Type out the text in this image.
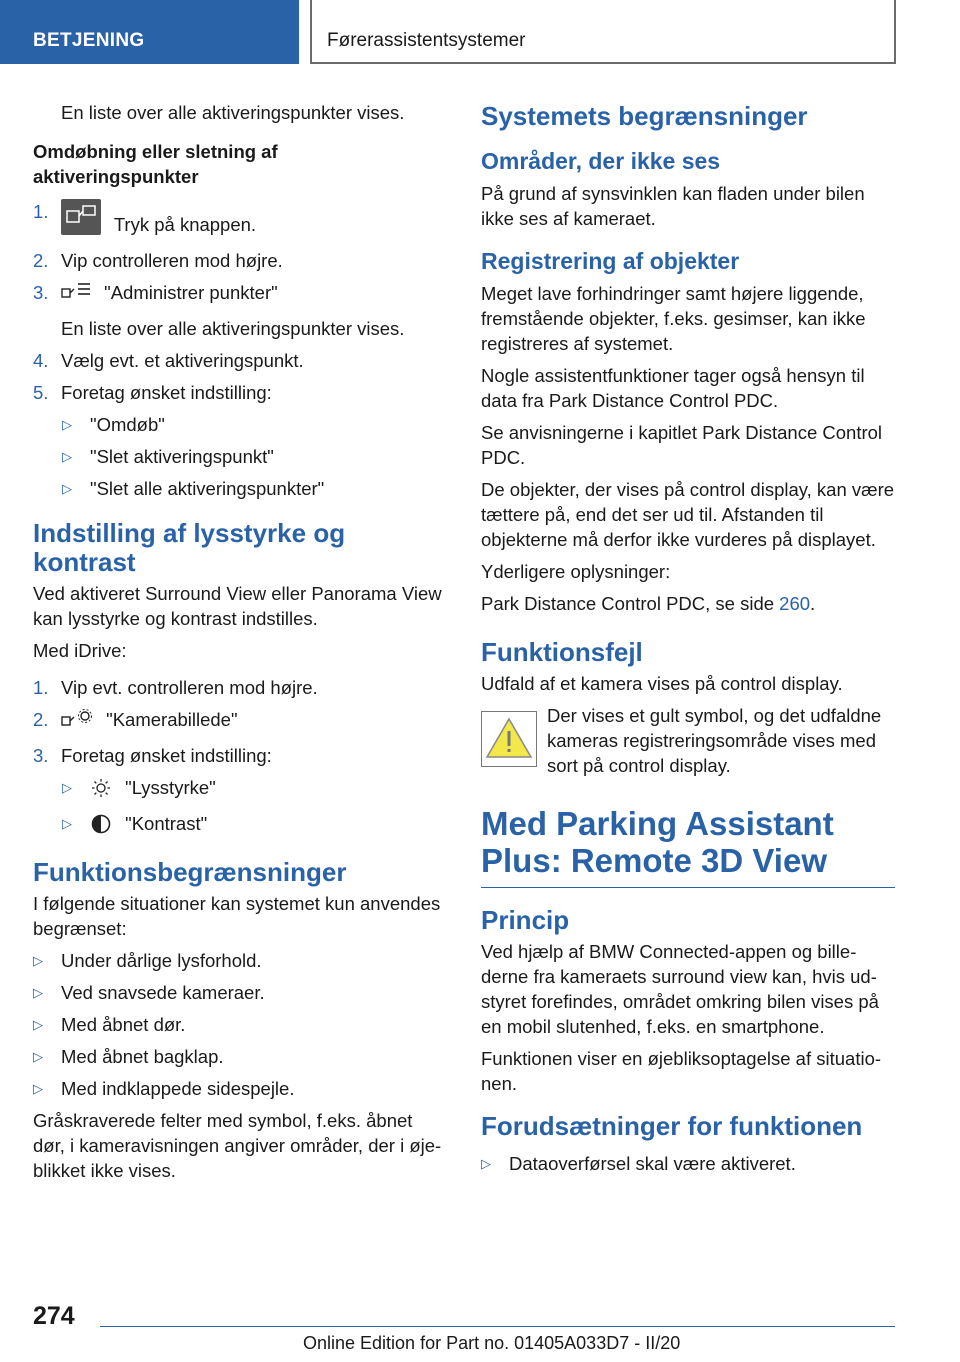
BETJENING	Førerassistentsystemer
En liste over alle aktiveringspunkter vises.
Omdøbning eller sletning af aktiveringspunkter
1.
Tryk på knappen.
2. Vip controlleren mod højre.
3.	"Administrer punkter"
En liste over alle aktiveringspunkter vises.
4. Vælg evt. et aktiveringspunkt.
5. Foretag ønsket indstilling:
▷ "Omdøb"
▷ "Slet aktiveringspunkt"
▷ "Slet alle aktiveringspunkter"
Indstilling af lysstyrke og kontrast
Ved aktiveret Surround View eller Panorama View kan lysstyrke og kontrast indstilles.
Med iDrive:
1. Vip evt. controlleren mod højre.
2.	"Kamerabillede"
3. Foretag ønsket indstilling:
▷	"Lysstyrke"
▷	"Kontrast"
Funktionsbegrænsninger
I følgende situationer kan systemet kun anvendes begrænset:
▷ Under dårlige lysforhold.
▷ Ved snavsede kameraer.
▷ Med åbnet dør.
▷ Med åbnet bagklap.
▷ Med indklappede sidespejle.
Gråskraverede felter med symbol, f.eks. åbnet dør, i kameravisningen angiver områder, der i øjeblikket ikke vises.
Systemets begrænsninger
Områder, der ikke ses
På grund af synsvinklen kan fladen under bilen ikke ses af kameraet.
Registrering af objekter
Meget lave forhindringer samt højere liggende, fremstående objekter, f.eks. gesimser, kan ikke registreres af systemet.
Nogle assistentfunktioner tager også hensyn til data fra Park Distance Control PDC.
Se anvisningerne i kapitlet Park Distance Control PDC.
De objekter, der vises på control display, kan være tættere på, end det ser ud til. Afstanden til objekterne må derfor ikke vurderes på displayet.
Yderligere oplysninger:
Park Distance Control PDC, se side 260.
Funktionsfejl
Udfald af et kamera vises på control display.
Der vises et gult symbol, og det udfaldne kameras registreringsområde vises med sort på control display.
Med Parking Assistant Plus: Remote 3D View
Princip
Ved hjælp af BMW Connected-appen og billederne fra kameraets surround view kan, hvis udstyret forefindes, området omkring bilen vises på en mobil slutenhed, f.eks. en smartphone.
Funktionen viser en øjebliksoptagelse af situationen.
Forudsætninger for funktionen
▷ Dataoverførsel skal være aktiveret.
274
Online Edition for Part no. 01405A033D7 - II/20
